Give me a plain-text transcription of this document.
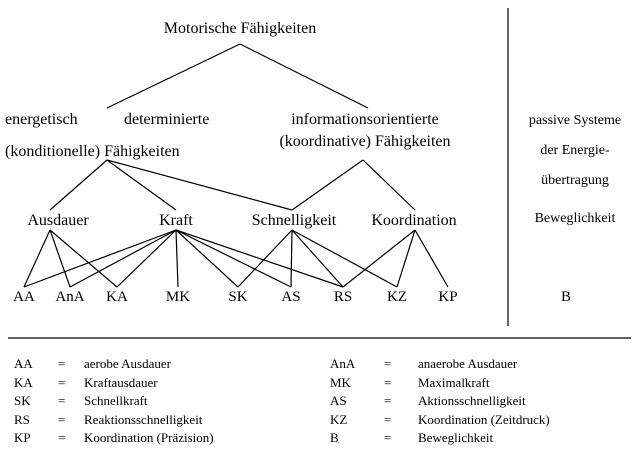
Motorische Fähigkeiten
energetisch	determinierte
(konditionelle) Fähigkeiten
informationsorientierte
(koordinative) Fähigkeiten
Ausdauer	Kraft	Schnelligkeit Koordination
AA AnA KA	MK	SK AS RS KZ KP
passive Systeme
der Energie-
übertragung
Beweglichkeit
B
AA = aerobe Ausdauer
KA = Kraftausdauer
SK = Schnellkraft
RS = Reaktionsschnelligkeit
KP = Koordination (Präzision)
AnA = anaerobe Ausdauer
MK	= Maximalkraft
AS	= Aktionsschnelligkeit
KZ	= Koordination (Zeitdruck)
B	= Beweglichkeit
